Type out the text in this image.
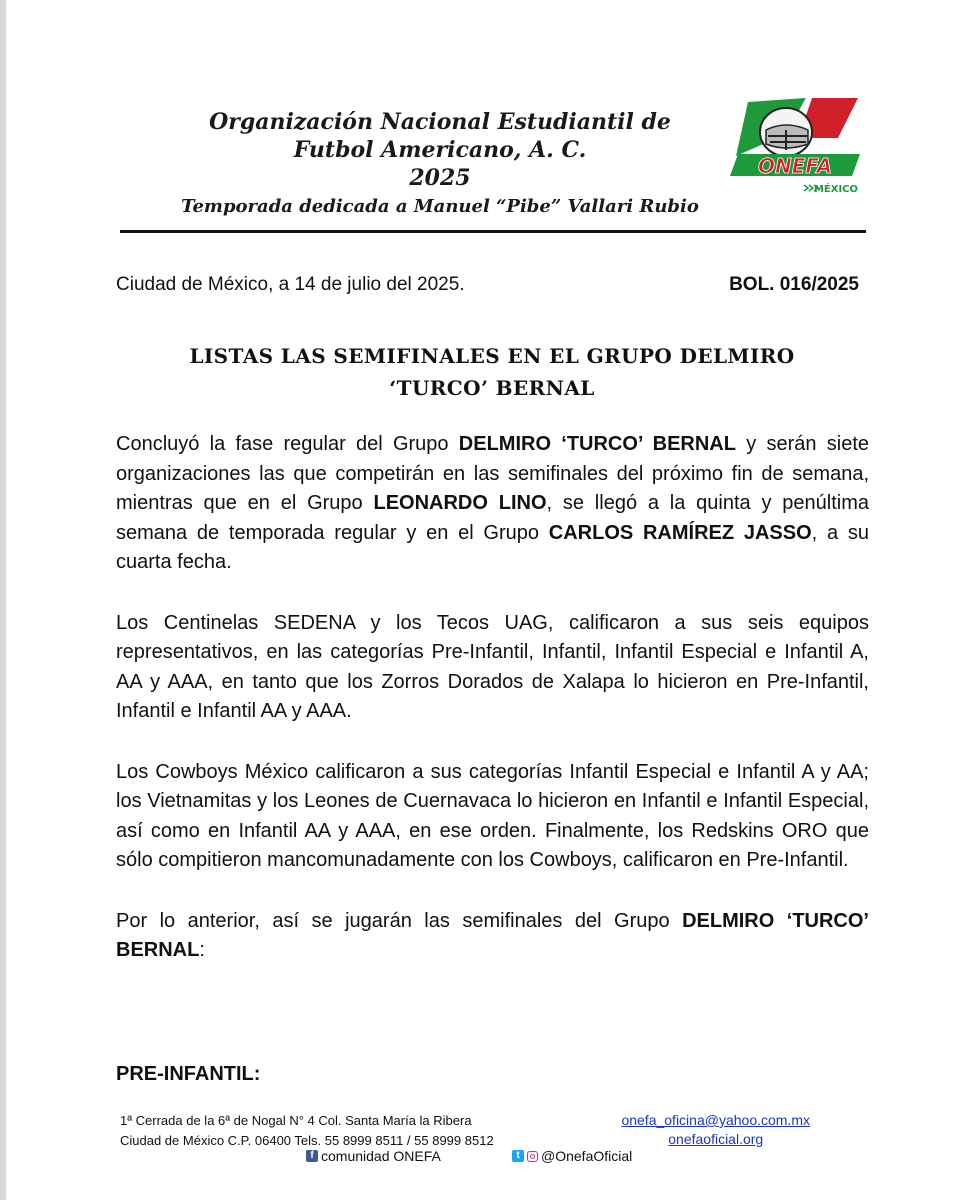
Organización Nacional Estudiantil de
Futbol Americano, A. C.
2025
Temporada dedicada a Manuel “Pibe” Vallari Rubio
ONEFA
MÉXICO
Ciudad de México, a 14 de julio del 2025.	BOL. 016/2025
LISTAS LAS SEMIFINALES EN EL GRUPO DELMIRO
‘TURCO’ BERNAL

Concluyó la fase regular del Grupo DELMIRO ‘TURCO’ BERNAL y serán siete organizaciones las que competirán en las semifinales del próximo fin de semana, mientras que en el Grupo LEONARDO LINO, se llegó a la quinta y penúltima semana de temporada regular y en el Grupo CARLOS RAMÍREZ JASSO, a su cuarta fecha.

Los Centinelas SEDENA y los Tecos UAG, calificaron a sus seis equipos representativos, en las categorías Pre-Infantil, Infantil, Infantil Especial e Infantil A, AA y AAA, en tanto que los Zorros Dorados de Xalapa lo hicieron en Pre-Infantil, Infantil e Infantil AA y AAA.

Los Cowboys México calificaron a sus categorías Infantil Especial e Infantil A y AA; los Vietnamitas y los Leones de Cuernavaca lo hicieron en Infantil e Infantil Especial, así como en Infantil AA y AAA, en ese orden. Finalmente, los Redskins ORO que sólo compitieron mancomunadamente con los Cowboys, calificaron en Pre-Infantil.

Por lo anterior, así se jugarán las semifinales del Grupo DELMIRO ‘TURCO’ BERNAL:

PRE-INFANTIL:
1ª Cerrada de la 6ª de Nogal N° 4 Col. Santa María la Ribera
Ciudad de México C.P. 06400 Tels. 55 8999 8511 / 55 8999 8512
onefa_oficina@yahoo.com.mx
onefaoficial.org
f comunidad ONEFA	t	@OnefaOficial
